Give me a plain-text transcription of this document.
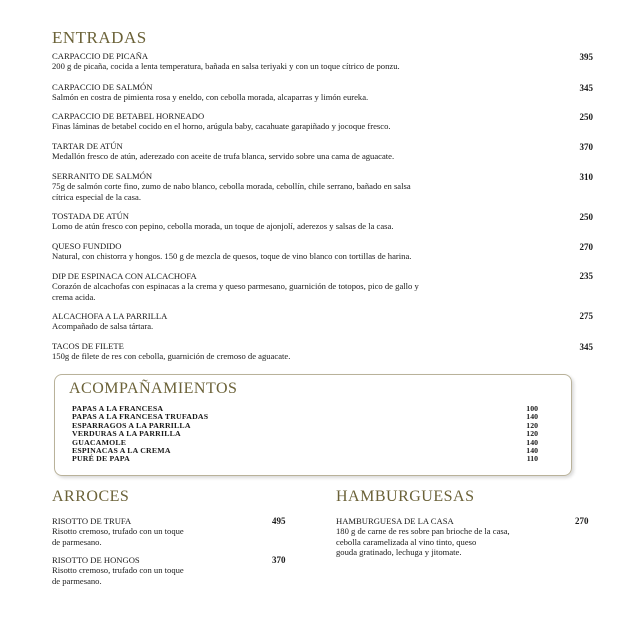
ENTRADAS
CARPACCIO DE PICAÑA
200 g de picaña, cocida a lenta temperatura, bañada en salsa teriyaki y con un toque cítrico de ponzu.
395
CARPACCIO DE SALMÓN
Salmón en costra de pimienta rosa y eneldo, con cebolla morada, alcaparras y limón eureka.
345
CARPACCIO DE BETABEL HORNEADO
Finas láminas de betabel cocido en el horno, arúgula baby, cacahuate garapiñado y jocoque fresco.
250
TARTAR DE ATÚN
Medallón fresco de atún, aderezado con aceite de trufa blanca, servido sobre una cama de aguacate.
370
SERRANITO DE SALMÓN
75g de salmón corte fino, zumo de nabo blanco, cebolla morada, cebollín, chile serrano, bañado en salsa
cítrica especial de la casa.
310
TOSTADA DE ATÚN
Lomo de atún fresco con pepino, cebolla morada, un toque de ajonjolí, aderezos y salsas de la casa.
250
QUESO FUNDIDO
Natural, con chistorra y hongos. 150 g de mezcla de quesos, toque de vino blanco con tortillas de harina.
270
DIP DE ESPINACA CON ALCACHOFA
Corazón de alcachofas con espinacas a la crema y queso parmesano, guarnición de totopos, pico de gallo y
crema acida.
235
ALCACHOFA A LA PARRILLA
Acompañado de salsa tártara.
275
TACOS DE FILETE
150g de filete de res con cebolla, guarnición de cremoso de aguacate.
345
ACOMPAÑAMIENTOS
PAPAS A LA FRANCESA
PAPAS A LA FRANCESA TRUFADAS
ESPARRAGOS A LA PARRILLA
VERDURAS A LA PARRILLA
GUACAMOLE
ESPINACAS A LA CREMA
PURÉ DE PAPA
100
140
120
120
140
140
110
ARROCES
RISOTTO DE TRUFA
Risotto cremoso, trufado con un toque
de parmesano.
495
RISOTTO DE HONGOS
Risotto cremoso, trufado con un toque
de parmesano.
370
HAMBURGUESAS
HAMBURGUESA DE LA CASA
180 g de carne de res sobre pan brioche de la casa,
cebolla caramelizada al vino tinto, queso
gouda gratinado, lechuga y jitomate.
270
